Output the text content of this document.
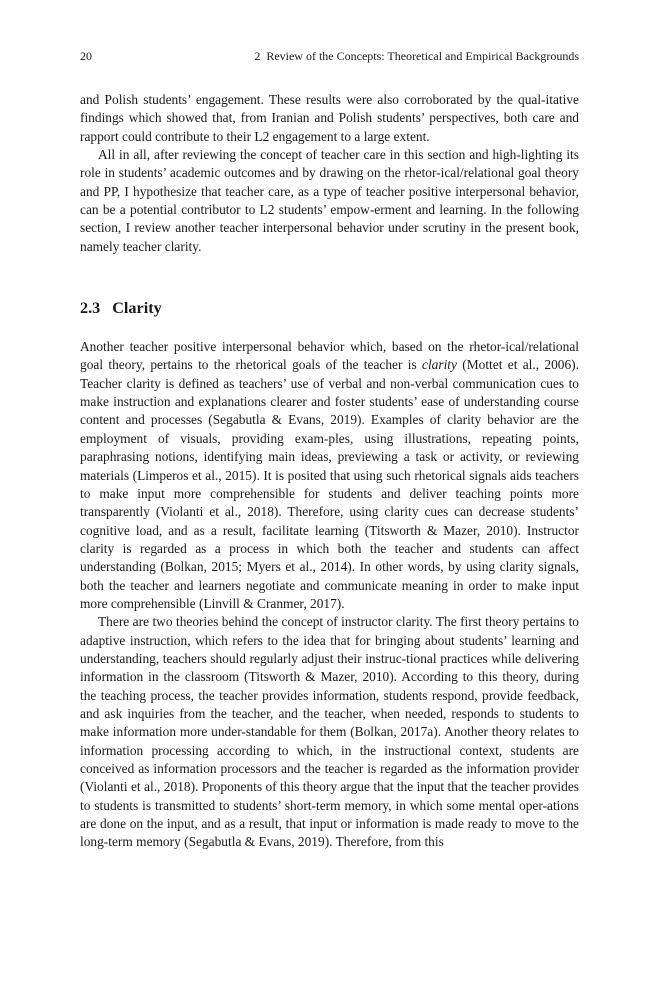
20	2 Review of the Concepts: Theoretical and Empirical Backgrounds

and Polish students’ engagement. These results were also corroborated by the qual-itative findings which showed that, from Iranian and Polish students’ perspectives, both care and rapport could contribute to their L2 engagement to a large extent.

All in all, after reviewing the concept of teacher care in this section and high-lighting its role in students’ academic outcomes and by drawing on the rhetor-ical/relational goal theory and PP, I hypothesize that teacher care, as a type of teacher positive interpersonal behavior, can be a potential contributor to L2 students’ empow-erment and learning. In the following section, I review another teacher interpersonal behavior under scrutiny in the present book, namely teacher clarity.

2.3 Clarity

Another teacher positive interpersonal behavior which, based on the rhetor-ical/relational goal theory, pertains to the rhetorical goals of the teacher is clarity (Mottet et al., 2006). Teacher clarity is defined as teachers’ use of verbal and non-verbal communication cues to make instruction and explanations clearer and foster students’ ease of understanding course content and processes (Segabutla & Evans, 2019). Examples of clarity behavior are the employment of visuals, providing exam-ples, using illustrations, repeating points, paraphrasing notions, identifying main ideas, previewing a task or activity, or reviewing materials (Limperos et al., 2015). It is posited that using such rhetorical signals aids teachers to make input more comprehensible for students and deliver teaching points more transparently (Violanti et al., 2018). Therefore, using clarity cues can decrease students’ cognitive load, and as a result, facilitate learning (Titsworth & Mazer, 2010). Instructor clarity is regarded as a process in which both the teacher and students can affect understanding (Bolkan, 2015; Myers et al., 2014). In other words, by using clarity signals, both the teacher and learners negotiate and communicate meaning in order to make input more comprehensible (Linvill & Cranmer, 2017).

There are two theories behind the concept of instructor clarity. The first theory pertains to adaptive instruction, which refers to the idea that for bringing about students’ learning and understanding, teachers should regularly adjust their instruc-tional practices while delivering information in the classroom (Titsworth & Mazer, 2010). According to this theory, during the teaching process, the teacher provides information, students respond, provide feedback, and ask inquiries from the teacher, and the teacher, when needed, responds to students to make information more under-standable for them (Bolkan, 2017a). Another theory relates to information processing according to which, in the instructional context, students are conceived as information processors and the teacher is regarded as the information provider (Violanti et al., 2018). Proponents of this theory argue that the input that the teacher provides to students is transmitted to students’ short-term memory, in which some mental oper-ations are done on the input, and as a result, that input or information is made ready to move to the long-term memory (Segabutla & Evans, 2019). Therefore, from this
